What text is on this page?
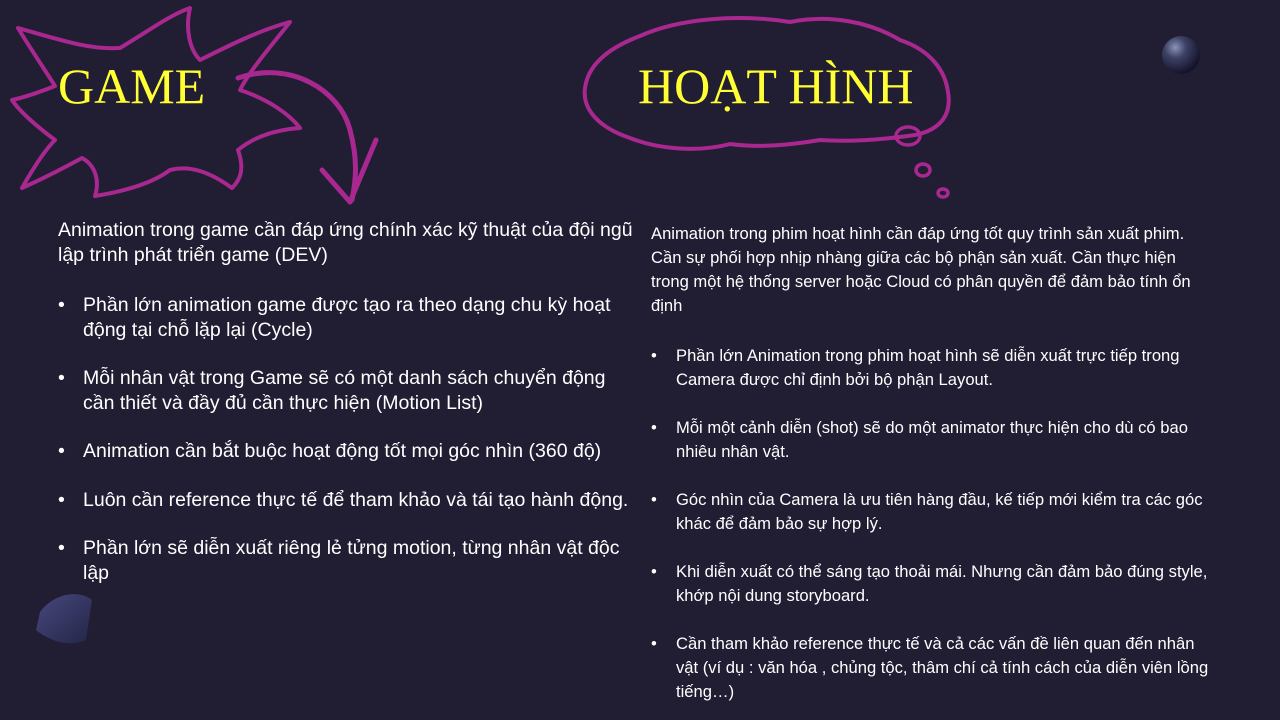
GAME	HOẠT HÌNH

Animation trong game cần đáp ứng chính xác kỹ thuật của đội ngũ lập trình phát triển game (DEV)

• Phần lớn animation game được tạo ra theo dạng chu kỳ hoạt động tại chỗ lặp lại (Cycle)
• Mỗi nhân vật trong Game sẽ có một danh sách chuyển động cần thiết và đầy đủ cần thực hiện (Motion List)
• Animation cần bắt buộc hoạt động tốt mọi góc nhìn (360 độ)
• Luôn cần reference thực tế để tham khảo và tái tạo hành động.
• Phần lớn sẽ diễn xuất riêng lẻ tửng motion, từng nhân vật độc lập

Animation trong phim hoạt hình cần đáp ứng tốt quy trình sản xuất phim. Cần sự phối hợp nhịp nhàng giữa các bộ phận sản xuất. Cần thực hiện trong một hệ thống server hoặc Cloud có phân quyền để đảm bảo tính ổn định

• Phần lớn Animation trong phim hoạt hình sẽ diễn xuất trực tiếp trong Camera được chỉ định bởi bộ phận Layout.
• Mỗi một cảnh diễn (shot) sẽ do một animator thực hiện cho dù có bao nhiêu nhân vật.
• Góc nhìn của Camera là ưu tiên hàng đầu, kế tiếp mới kiểm tra các góc khác để đảm bảo sự hợp lý.
• Khi diễn xuất có thể sáng tạo thoải mái. Nhưng cần đảm bảo đúng style, khớp nội dung storyboard.
• Cần tham khảo reference thực tế và cả các vấn đề liên quan đến nhân vật (ví dụ : văn hóa , chủng tộc, thâm chí cả tính cách của diễn viên lồng tiếng…)
